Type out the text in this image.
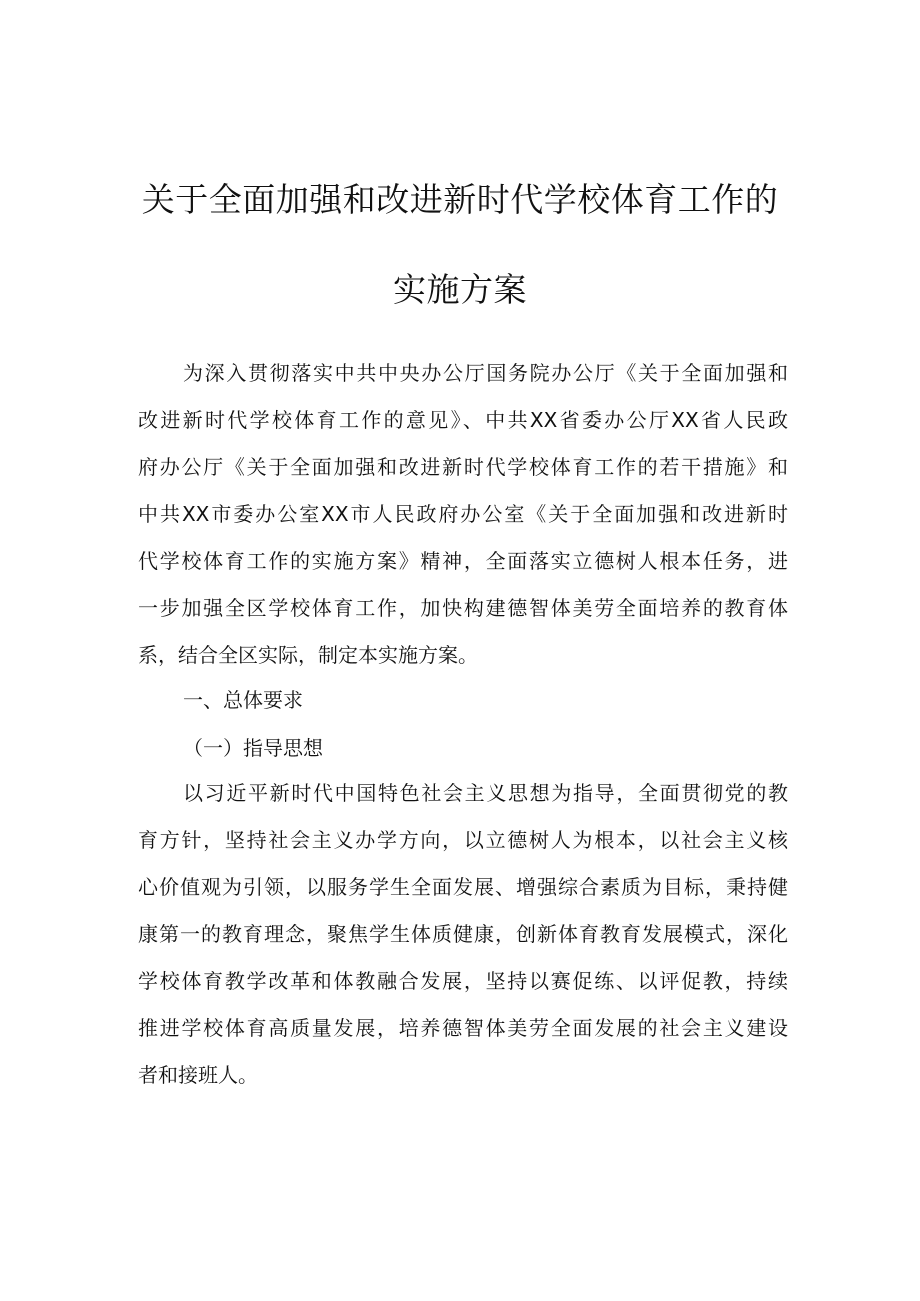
关于全面加强和改进新时代学校体育工作的
实施方案
为深入贯彻落实中共中央办公厅国务院办公厅《关于全面加强和
改进新时代学校体育工作的意见》、中共XX省委办公厅XX省人民政
府办公厅《关于全面加强和改进新时代学校体育工作的若干措施》和
中共XX市委办公室XX市人民政府办公室《关于全面加强和改进新时
代学校体育工作的实施方案》精神，全面落实立德树人根本任务，进
一步加强全区学校体育工作，加快构建德智体美劳全面培养的教育体
系，结合全区实际，制定本实施方案。
一、总体要求
（一）指导思想
以习近平新时代中国特色社会主义思想为指导，全面贯彻党的教
育方针，坚持社会主义办学方向，以立德树人为根本，以社会主义核
心价值观为引领，以服务学生全面发展、增强综合素质为目标，秉持健
康第一的教育理念，聚焦学生体质健康，创新体育教育发展模式，深化
学校体育教学改革和体教融合发展，坚持以赛促练、以评促教，持续
推进学校体育高质量发展，培养德智体美劳全面发展的社会主义建设
者和接班人。
